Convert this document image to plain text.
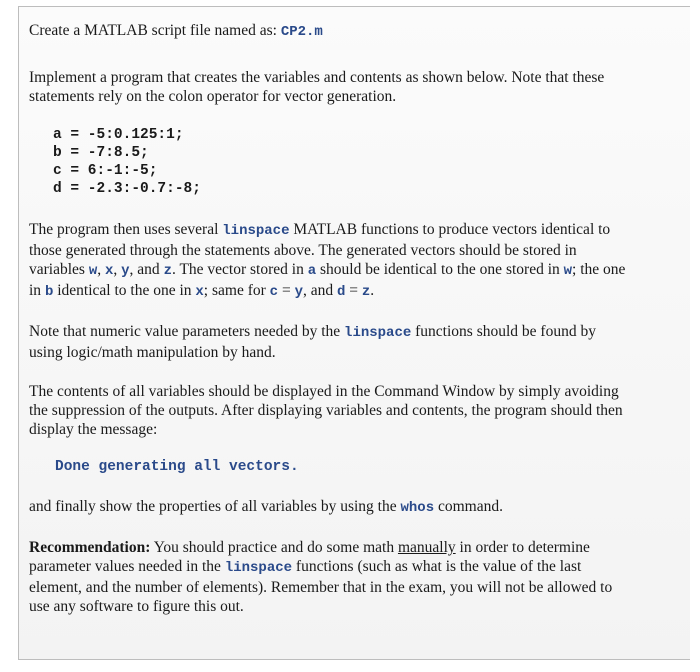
Create a MATLAB script file named as: CP2.m

Implement a program that creates the variables and contents as shown below. Note that these
statements rely on the colon operator for vector generation.

a = -5:0.125:1;
b = -7:8.5;
c = 6:-1:-5;
d = -2.3:-0.7:-8;

The program then uses several linspace MATLAB functions to produce vectors identical to
those generated through the statements above. The generated vectors should be stored in
variables w, x, y, and z. The vector stored in a should be identical to the one stored in w; the one
in b identical to the one in x; same for c = y, and d = z.

Note that numeric value parameters needed by the linspace functions should be found by
using logic/math manipulation by hand.

The contents of all variables should be displayed in the Command Window by simply avoiding
the suppression of the outputs. After displaying variables and contents, the program should then
display the message:

Done generating all vectors.

and finally show the properties of all variables by using the whos command.

Recommendation: You should practice and do some math manually in order to determine
parameter values needed in the linspace functions (such as what is the value of the last
element, and the number of elements). Remember that in the exam, you will not be allowed to
use any software to figure this out.
